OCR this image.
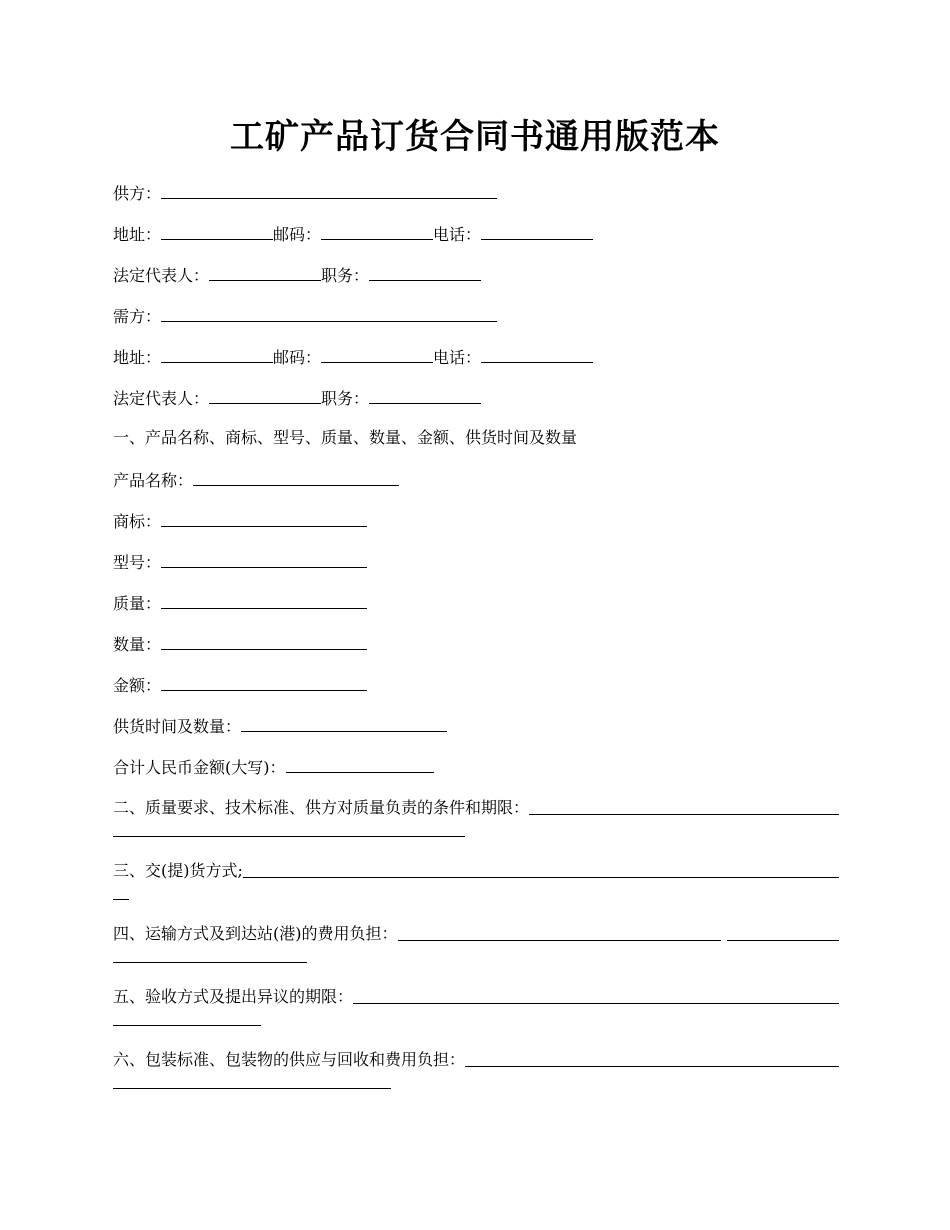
工矿产品订货合同书通用版范本
供方：
地址：	邮码：	电话：
法定代表人：	职务：
需方：
地址：	邮码：	电话：
法定代表人：	职务：
一、产品名称、商标、型号、质量、数量、金额、供货时间及数量
产品名称：
商标：
型号：
质量：
数量：
金额：
供货时间及数量：
合计人民币金额(大写)：
二、质量要求、技术标准、供方对质量负责的条件和期限：
三、交(提)货方式;
四、运输方式及到达站(港)的费用负担：
五、验收方式及提出异议的期限：
六、包装标准、包装物的供应与回收和费用负担：
